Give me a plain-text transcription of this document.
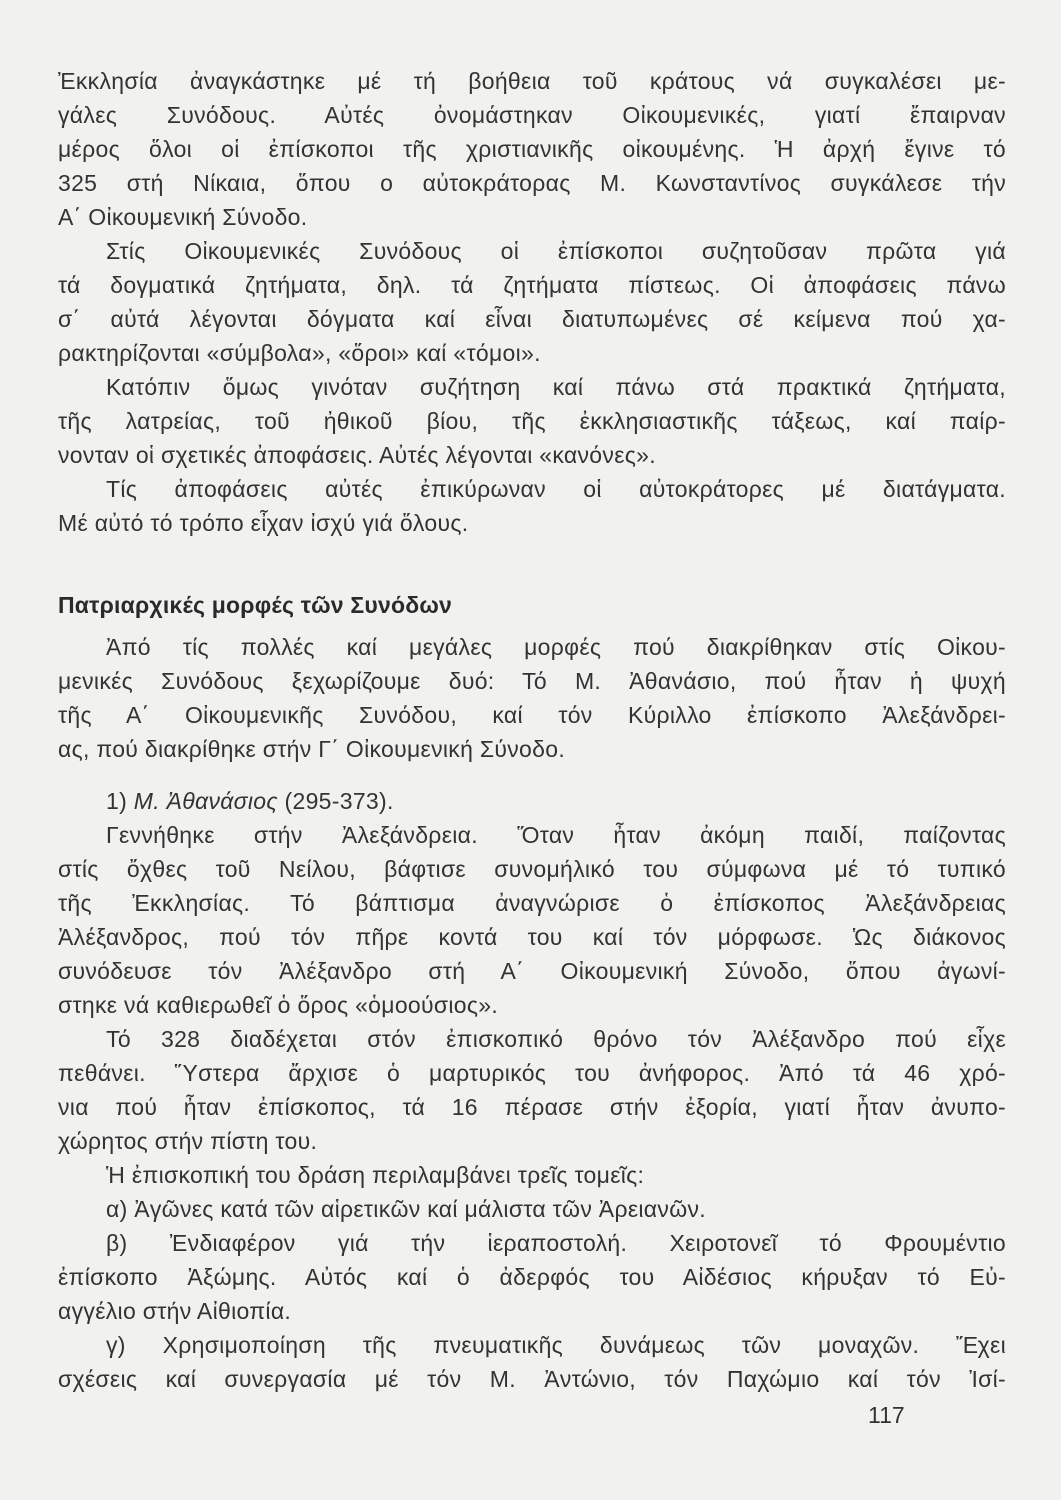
Ἐκκλησία ἀναγκάστηκε μέ τή βοήθεια τοῦ κράτους νά συγκαλέσει με-
γάλες Συνόδους. Αὐτές ὀνομάστηκαν Οἰκουμενικές, γιατί ἔπαιρναν
μέρος ὅλοι οἱ ἐπίσκοποι τῆς χριστιανικῆς οἰκουμένης. Ἡ ἀρχή ἔγινε τό
325 στή Νίκαια, ὅπου ο αὐτοκράτορας Μ. Κωνσταντίνος συγκάλεσε τήν
Α΄ Οἰκουμενική Σύνοδο.

Στίς Οἰκουμενικές Συνόδους οἱ ἐπίσκοποι συζητοῦσαν πρῶτα γιά
τά δογματικά ζητήματα, δηλ. τά ζητήματα πίστεως. Οἱ ἀποφάσεις πάνω
σ΄ αὐτά λέγονται δόγματα καί εἶναι διατυπωμένες σέ κείμενα πού χα-
ρακτηρίζονται «σύμβολα», «ὅροι» καί «τόμοι».

Κατόπιν ὅμως γινόταν συζήτηση καί πάνω στά πρακτικά ζητήματα,
τῆς λατρείας, τοῦ ἠθικοῦ βίου, τῆς ἐκκλησιαστικῆς τάξεως, καί παίρ-
νονταν οἱ σχετικές ἀποφάσεις. Αὐτές λέγονται «κανόνες».

Τίς ἀποφάσεις αὐτές ἐπικύρωναν οἱ αὐτοκράτορες μέ διατάγματα.
Μέ αὐτό τό τρόπο εἶχαν ἰσχύ γιά ὅλους.

Πατριαρχικές μορφές τῶν Συνόδων

Ἀπό τίς πολλές καί μεγάλες μορφές πού διακρίθηκαν στίς Οἰκου-
μενικές Συνόδους ξεχωρίζουμε δυό: Τό Μ. Ἀθανάσιο, πού ἦταν ἡ ψυχή
τῆς Α΄ Οἰκουμενικῆς Συνόδου, καί τόν Κύριλλο ἐπίσκοπο Ἀλεξάνδρει-
ας, πού διακρίθηκε στήν Γ΄ Οἰκουμενική Σύνοδο.

1) Μ. Ἀθανάσιος (295-373).

Γεννήθηκε στήν Ἀλεξάνδρεια. Ὅταν ἦταν ἀκόμη παιδί, παίζοντας
στίς ὄχθες τοῦ Νείλου, βάφτισε συνομήλικό του σύμφωνα μέ τό τυπικό
τῆς Ἐκκλησίας. Τό βάπτισμα ἀναγνώρισε ὁ ἐπίσκοπος Ἀλεξάνδρειας
Ἀλέξανδρος, πού τόν πῆρε κοντά του καί τόν μόρφωσε. Ὡς διάκονος
συνόδευσε τόν Ἀλέξανδρο στή Α΄ Οἰκουμενική Σύνοδο, ὅπου ἀγωνί-
στηκε νά καθιερωθεῖ ὁ ὅρος «ὁμοούσιος».

Τό 328 διαδέχεται στόν ἐπισκοπικό θρόνο τόν Ἀλέξανδρο πού εἶχε
πεθάνει. Ὕστερα ἄρχισε ὁ μαρτυρικός του ἀνήφορος. Ἀπό τά 46 χρό-
νια πού ἦταν ἐπίσκοπος, τά 16 πέρασε στήν ἐξορία, γιατί ἦταν ἀνυπο-
χώρητος στήν πίστη του.

Ἡ ἐπισκοπική του δράση περιλαμβάνει τρεῖς τομεῖς:

α) Ἀγῶνες κατά τῶν αἱρετικῶν καί μάλιστα τῶν Ἀρειανῶν.

β) Ἐνδιαφέρον γιά τήν ἱεραποστολή. Χειροτονεῖ τό Φρουμέντιο
ἐπίσκοπο Ἀξώμης. Αὐτός καί ὁ ἀδερφός του Αἰδέσιος κήρυξαν τό Εὐ-
αγγέλιο στήν Αἰθιοπία.

γ) Χρησιμοποίηση τῆς πνευματικῆς δυνάμεως τῶν μοναχῶν. Ἔχει
σχέσεις καί συνεργασία μέ τόν Μ. Ἀντώνιο, τόν Παχώμιο καί τόν Ἰσί-

117
